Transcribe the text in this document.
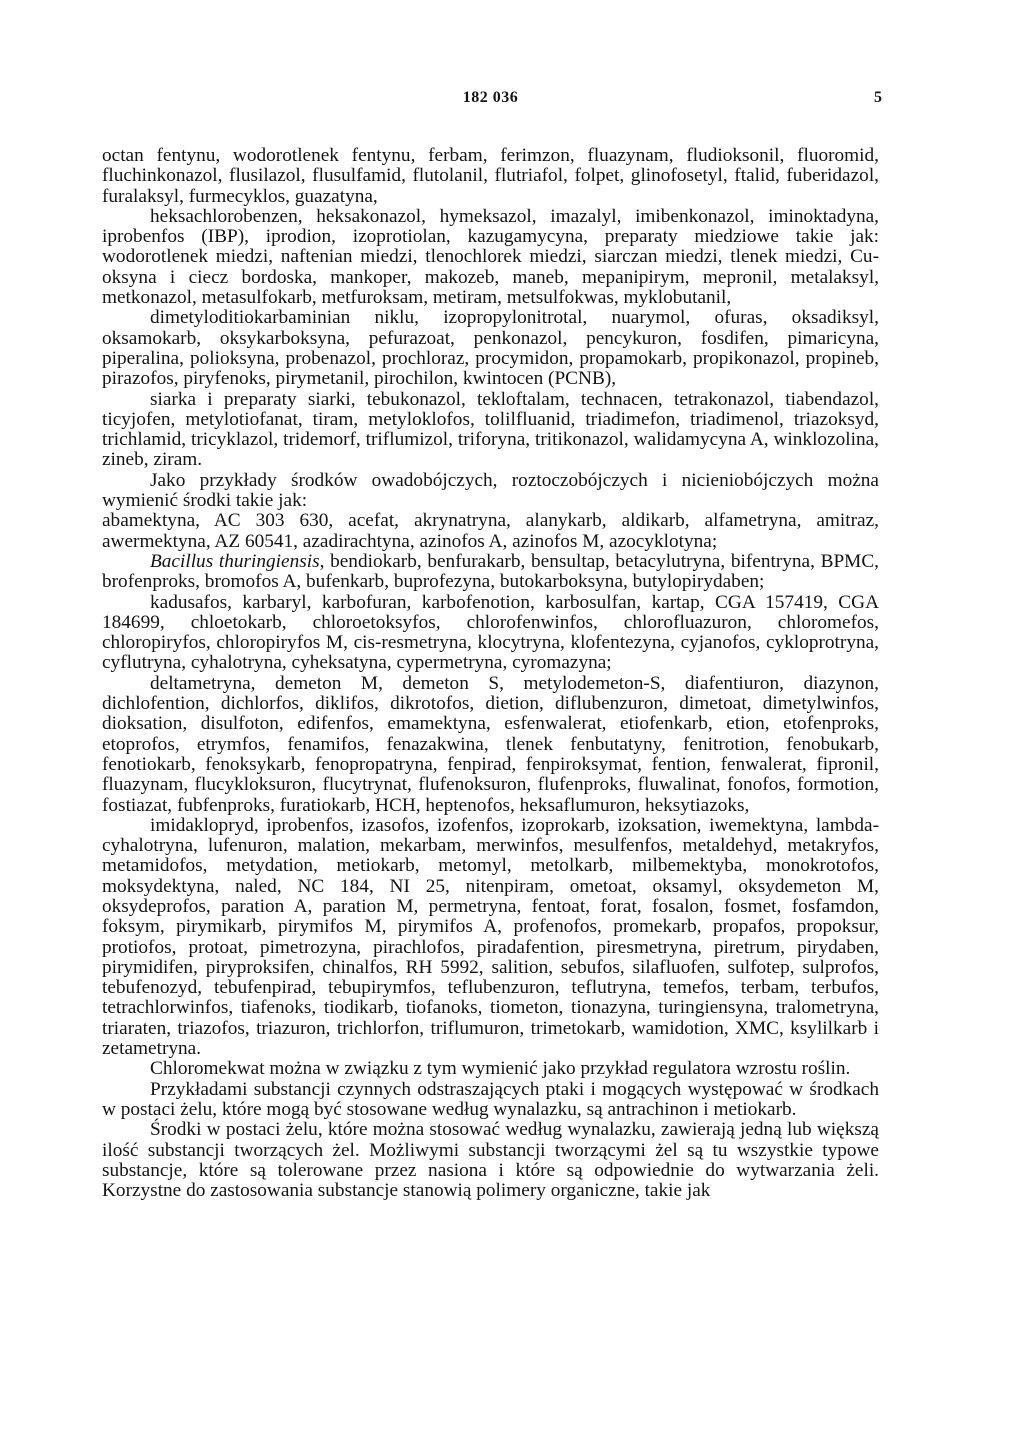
182 036	5

octan fentynu, wodorotlenek fentynu, ferbam, ferimzon, fluazynam, fludioksonil, fluoromid, fluchinkonazol, flusilazol, flusulfamid, flutolanil, flutriafol, folpet, glinofosetyl, ftalid, fuberidazol, furalaksyl, furmecyklos, guazatyna,

heksachlorobenzen, heksakonazol, hymeksazol, imazalyl, imibenkonazol, iminoktadyna, iprobenfos (IBP), iprodion, izoprotiolan, kazugamycyna, preparaty miedziowe takie jak: wodorotlenek miedzi, naftenian miedzi, tlenochlorek miedzi, siarczan miedzi, tlenek miedzi, Cu-oksyna i ciecz bordoska, mankoper, makozeb, maneb, mepanipirym, mepronil, metalaksyl, metkonazol, metasulfokarb, metfuroksam, metiram, metsulfokwas, myklobutanil,

dimetyloditiokarbaminian niklu, izopropylonitrotal, nuarymol, ofuras, oksadiksyl, oksamokarb, oksykarboksyna, pefurazoat, penkonazol, pencykuron, fosdifen, pimaricyna, piperalina, polioksyna, probenazol, prochloraz, procymidon, propamokarb, propikonazol, propineb, pirazofos, piryfenoks, pirymetanil, pirochilon, kwintocen (PCNB),

siarka i preparaty siarki, tebukonazol, tekloftalam, technacen, tetrakonazol, tiabendazol, ticyjofen, metylotiofanat, tiram, metyloklofos, tolilfluanid, triadimefon, triadimenol, triazoksyd, trichlamid, tricyklazol, tridemorf, triflumizol, triforyna, tritikonazol, walidamycyna A, winklozolina, zineb, ziram.

Jako przykłady środków owadobójczych, roztoczobójczych i nicieniobójczych można wymienić środki takie jak:

abamektyna, AC 303 630, acefat, akrynatryna, alanykarb, aldikarb, alfametryna, amitraz, awermektyna, AZ 60541, azadirachtyna, azinofos A, azinofos M, azocyklotyna;

Bacillus thuringiensis, bendiokarb, benfurakarb, bensultap, betacylutryna, bifentryna, BPMC, brofenproks, bromofos A, bufenkarb, buprofezyna, butokarboksyna, butylopirydaben;

kadusafos, karbaryl, karbofuran, karbofenotion, karbosulfan, kartap, CGA 157419, CGA 184699, chloetokarb, chloroetoksyfos, chlorofenwinfos, chlorofluazuron, chloromefos, chloropiryfos, chloropiryfos M, cis-resmetryna, klocytryna, klofentezyna, cyjanofos, cykloprotryna, cyflutryna, cyhalotryna, cyheksatyna, cypermetryna, cyromazyna;

deltametryna, demeton M, demeton S, metylodemeton-S, diafentiuron, diazynon, dichlofention, dichlorfos, diklifos, dikrotofos, dietion, diflubenzuron, dimetoat, dimetylwinfos, dioksation, disulfoton, edifenfos, emamektyna, esfenwalerat, etiofenkarb, etion, etofenproks, etoprofos, etrymfos, fenamifos, fenazakwina, tlenek fenbutatyny, fenitrotion, fenobukarb, fenotiokarb, fenoksykarb, fenopropatryna, fenpirad, fenpiroksymat, fention, fenwalerat, fipronil, fluazynam, flucykloksuron, flucytrynat, flufenoksuron, flufenproks, fluwalinat, fonofos, formotion, fostiazat, fubfenproks, furatiokarb, HCH, heptenofos, heksaflumuron, heksytiazoks,

imidaklopryd, iprobenfos, izasofos, izofenfos, izoprokarb, izoksation, iwemektyna, lambda-cyhalotryna, lufenuron, malation, mekarbam, merwinfos, mesulfenfos, metaldehyd, metakryfos, metamidofos, metydation, metiokarb, metomyl, metolkarb, milbemektyba, monokrotofos, moksydektyna, naled, NC 184, NI 25, nitenpiram, ometoat, oksamyl, oksydemeton M, oksydeprofos, paration A, paration M, permetryna, fentoat, forat, fosalon, fosmet, fosfamdon, foksym, pirymikarb, pirymifos M, pirymifos A, profenofos, promekarb, propafos, propoksur, protiofos, protoat, pimetrozyna, pirachlofos, piradafention, piresmetryna, piretrum, pirydaben, pirymidifen, piryproksifen, chinalfos, RH 5992, salition, sebufos, silafluofen, sulfotep, sulprofos, tebufenozyd, tebufenpirad, tebupirymfos, teflubenzuron, teflutryna, temefos, terbam, terbufos, tetrachlorwinfos, tiafenoks, tiodikarb, tiofanoks, tiometon, tionazyna, turingiensyna, tralometryna, triaraten, triazofos, triazuron, trichlorfon, triflumuron, trimetokarb, wamidotion, XMC, ksylilkarb i zetametryna.

Chloromekwat można w związku z tym wymienić jako przykład regulatora wzrostu roślin.

Przykładami substancji czynnych odstraszających ptaki i mogących występować w środkach w postaci żelu, które mogą być stosowane według wynalazku, są antrachinon i metiokarb.

Środki w postaci żelu, które można stosować według wynalazku, zawierają jedną lub większą ilość substancji tworzących żel. Możliwymi substancji tworzącymi żel są tu wszystkie typowe substancje, które są tolerowane przez nasiona i które są odpowiednie do wytwarzania żeli. Korzystne do zastosowania substancje stanowią polimery organiczne, takie jak
